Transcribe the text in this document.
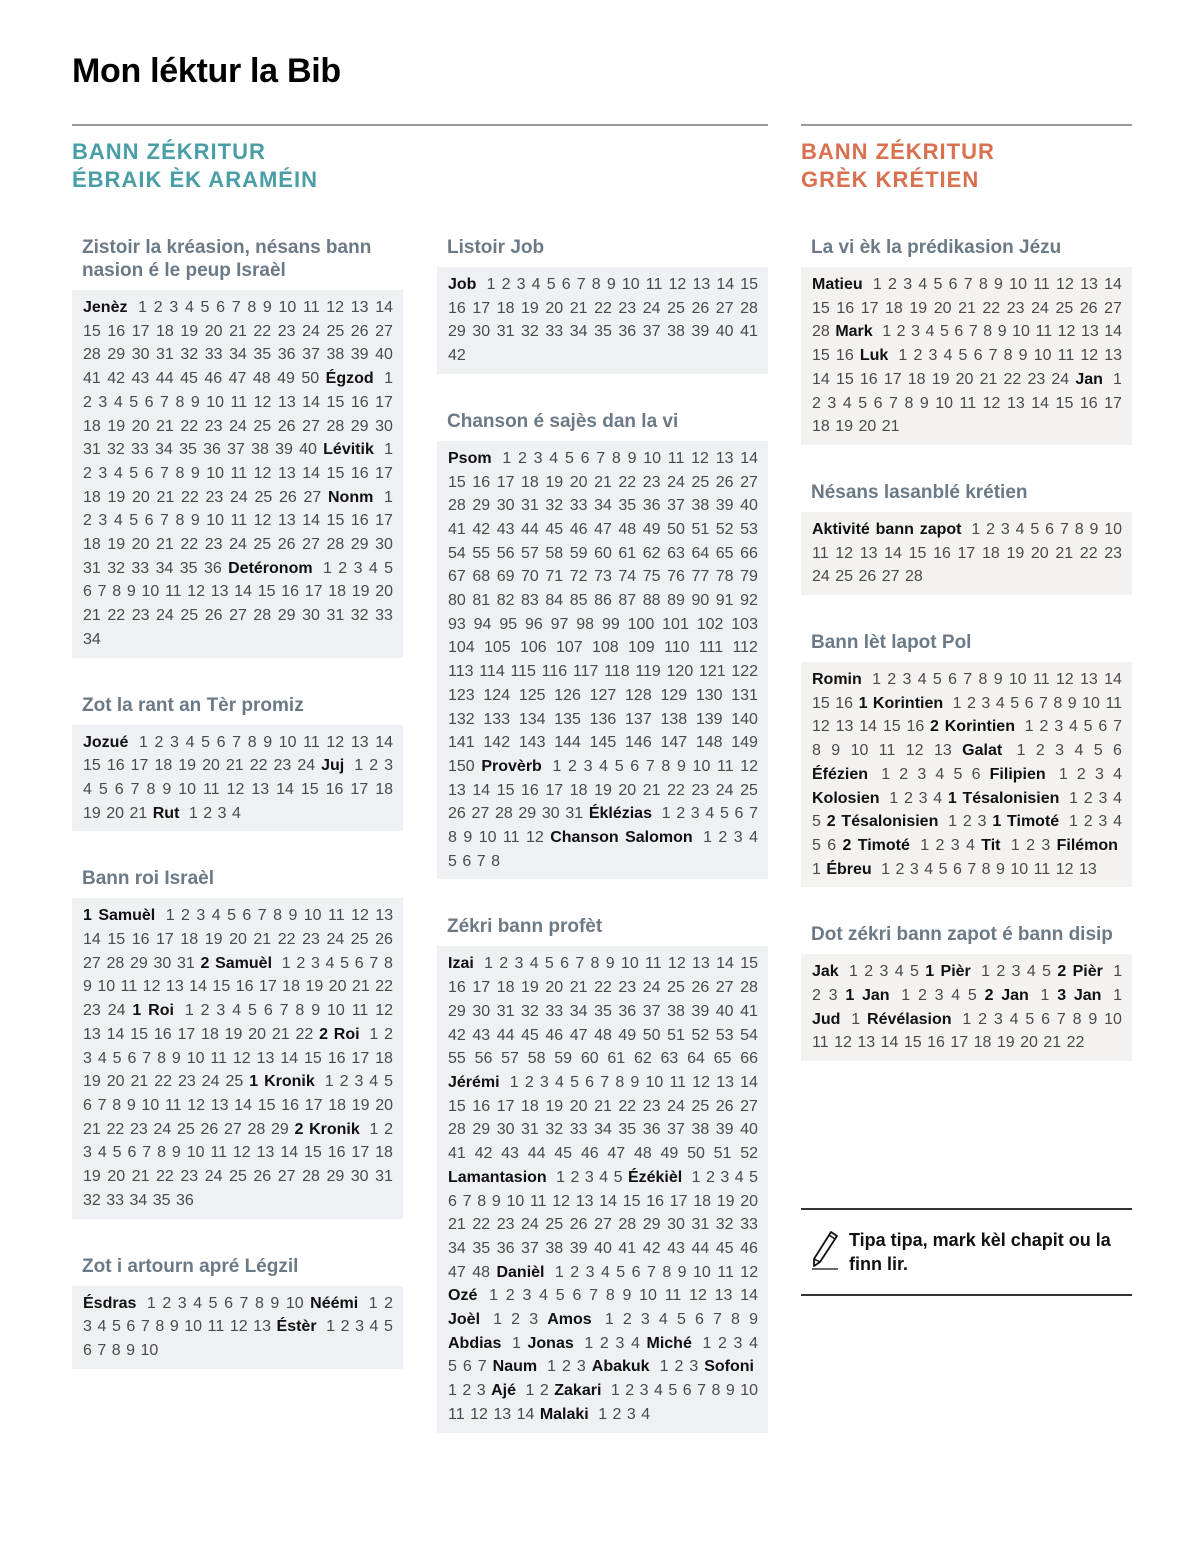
Mon léktur la Bib
BANN ZÉKRITUR
ÉBRAIK ÈK ARAMÉIN
BANN ZÉKRITUR
GRÈK KRÉTIEN
Zistoir la kréasion, nésans bann nasion é le peup Israèl
Jenèz 1 2 3 4 5 6 7 8 9 10 11 12 13 14 15 16 17 18 19 20 21 22 23 24 25 26 27 28 29 30 31 32 33 34 35 36 37 38 39 40 41 42 43 44 45 46 47 48 49 50 Égzod 1 2 3 4 5 6 7 8 9 10 11 12 13 14 15 16 17 18 19 20 21 22 23 24 25 26 27 28 29 30 31 32 33 34 35 36 37 38 39 40 Lévitik 1 2 3 4 5 6 7 8 9 10 11 12 13 14 15 16 17 18 19 20 21 22 23 24 25 26 27 Nonm 1 2 3 4 5 6 7 8 9 10 11 12 13 14 15 16 17 18 19 20 21 22 23 24 25 26 27 28 29 30 31 32 33 34 35 36 Detéronom 1 2 3 4 5 6 7 8 9 10 11 12 13 14 15 16 17 18 19 20 21 22 23 24 25 26 27 28 29 30 31 32 33 34
Zot la rant an Tèr promiz
Jozué 1 2 3 4 5 6 7 8 9 10 11 12 13 14 15 16 17 18 19 20 21 22 23 24 Juj 1 2 3 4 5 6 7 8 9 10 11 12 13 14 15 16 17 18 19 20 21 Rut 1 2 3 4
Bann roi Israèl
1 Samuèl 1 2 3 4 5 6 7 8 9 10 11 12 13 14 15 16 17 18 19 20 21 22 23 24 25 26 27 28 29 30 31 2 Samuèl 1 2 3 4 5 6 7 8 9 10 11 12 13 14 15 16 17 18 19 20 21 22 23 24 1 Roi 1 2 3 4 5 6 7 8 9 10 11 12 13 14 15 16 17 18 19 20 21 22 2 Roi 1 2 3 4 5 6 7 8 9 10 11 12 13 14 15 16 17 18 19 20 21 22 23 24 25 1 Kronik 1 2 3 4 5 6 7 8 9 10 11 12 13 14 15 16 17 18 19 20 21 22 23 24 25 26 27 28 29 2 Kronik 1 2 3 4 5 6 7 8 9 10 11 12 13 14 15 16 17 18 19 20 21 22 23 24 25 26 27 28 29 30 31 32 33 34 35 36
Zot i artourn apré Légzil
Ésdras 1 2 3 4 5 6 7 8 9 10 Néémi 1 2 3 4 5 6 7 8 9 10 11 12 13 Éstèr 1 2 3 4 5 6 7 8 9 10
Listoir Job
Job 1 2 3 4 5 6 7 8 9 10 11 12 13 14 15 16 17 18 19 20 21 22 23 24 25 26 27 28 29 30 31 32 33 34 35 36 37 38 39 40 41 42
Chanson é sajès dan la vi
Psom 1 2 3 4 5 6 7 8 9 10 11 12 13 14 15 16 17 18 19 20 21 22 23 24 25 26 27 28 29 30 31 32 33 34 35 36 37 38 39 40 41 42 43 44 45 46 47 48 49 50 51 52 53 54 55 56 57 58 59 60 61 62 63 64 65 66 67 68 69 70 71 72 73 74 75 76 77 78 79 80 81 82 83 84 85 86 87 88 89 90 91 92 93 94 95 96 97 98 99 100 101 102 103 104 105 106 107 108 109 110 111 112 113 114 115 116 117 118 119 120 121 122 123 124 125 126 127 128 129 130 131 132 133 134 135 136 137 138 139 140 141 142 143 144 145 146 147 148 149 150 Provèrb 1 2 3 4 5 6 7 8 9 10 11 12 13 14 15 16 17 18 19 20 21 22 23 24 25 26 27 28 29 30 31 Éklézias 1 2 3 4 5 6 7 8 9 10 11 12 Chanson Salomon 1 2 3 4 5 6 7 8
Zékri bann profèt
Izai 1 2 3 4 5 6 7 8 9 10 11 12 13 14 15 16 17 18 19 20 21 22 23 24 25 26 27 28 29 30 31 32 33 34 35 36 37 38 39 40 41 42 43 44 45 46 47 48 49 50 51 52 53 54 55 56 57 58 59 60 61 62 63 64 65 66 Jérémi 1 2 3 4 5 6 7 8 9 10 11 12 13 14 15 16 17 18 19 20 21 22 23 24 25 26 27 28 29 30 31 32 33 34 35 36 37 38 39 40 41 42 43 44 45 46 47 48 49 50 51 52 Lamantasion 1 2 3 4 5 Ézékièl 1 2 3 4 5 6 7 8 9 10 11 12 13 14 15 16 17 18 19 20 21 22 23 24 25 26 27 28 29 30 31 32 33 34 35 36 37 38 39 40 41 42 43 44 45 46 47 48 Danièl 1 2 3 4 5 6 7 8 9 10 11 12 Ozé 1 2 3 4 5 6 7 8 9 10 11 12 13 14 Joèl 1 2 3 Amos 1 2 3 4 5 6 7 8 9 Abdias 1 Jonas 1 2 3 4 Miché 1 2 3 4 5 6 7 Naum 1 2 3 Abakuk 1 2 3 Sofoni 1 2 3 Ajé 1 2 Zakari 1 2 3 4 5 6 7 8 9 10 11 12 13 14 Malaki 1 2 3 4
La vi èk la prédikasion Jézu
Matieu 1 2 3 4 5 6 7 8 9 10 11 12 13 14 15 16 17 18 19 20 21 22 23 24 25 26 27 28 Mark 1 2 3 4 5 6 7 8 9 10 11 12 13 14 15 16 Luk 1 2 3 4 5 6 7 8 9 10 11 12 13 14 15 16 17 18 19 20 21 22 23 24 Jan 1 2 3 4 5 6 7 8 9 10 11 12 13 14 15 16 17 18 19 20 21
Nésans lasanblé krétien
Aktivité bann zapot 1 2 3 4 5 6 7 8 9 10 11 12 13 14 15 16 17 18 19 20 21 22 23 24 25 26 27 28
Bann lèt lapot Pol
Romin 1 2 3 4 5 6 7 8 9 10 11 12 13 14 15 16 1 Korintien 1 2 3 4 5 6 7 8 9 10 11 12 13 14 15 16 2 Korintien 1 2 3 4 5 6 7 8 9 10 11 12 13 Galat 1 2 3 4 5 6 Éfézien 1 2 3 4 5 6 Filipien 1 2 3 4 Kolosien 1 2 3 4 1 Tésalonisien 1 2 3 4 5 2 Tésalonisien 1 2 3 1 Timoté 1 2 3 4 5 6 2 Timoté 1 2 3 4 Tit 1 2 3 Filémon 1 Ébreu 1 2 3 4 5 6 7 8 9 10 11 12 13
Dot zékri bann zapot é bann disip
Jak 1 2 3 4 5 1 Pièr 1 2 3 4 5 2 Pièr 1 2 3 1 Jan 1 2 3 4 5 2 Jan 1 3 Jan 1 Jud 1 Révélasion 1 2 3 4 5 6 7 8 9 10 11 12 13 14 15 16 17 18 19 20 21 22
Tipa tipa, mark kèl chapit ou la finn lir.
